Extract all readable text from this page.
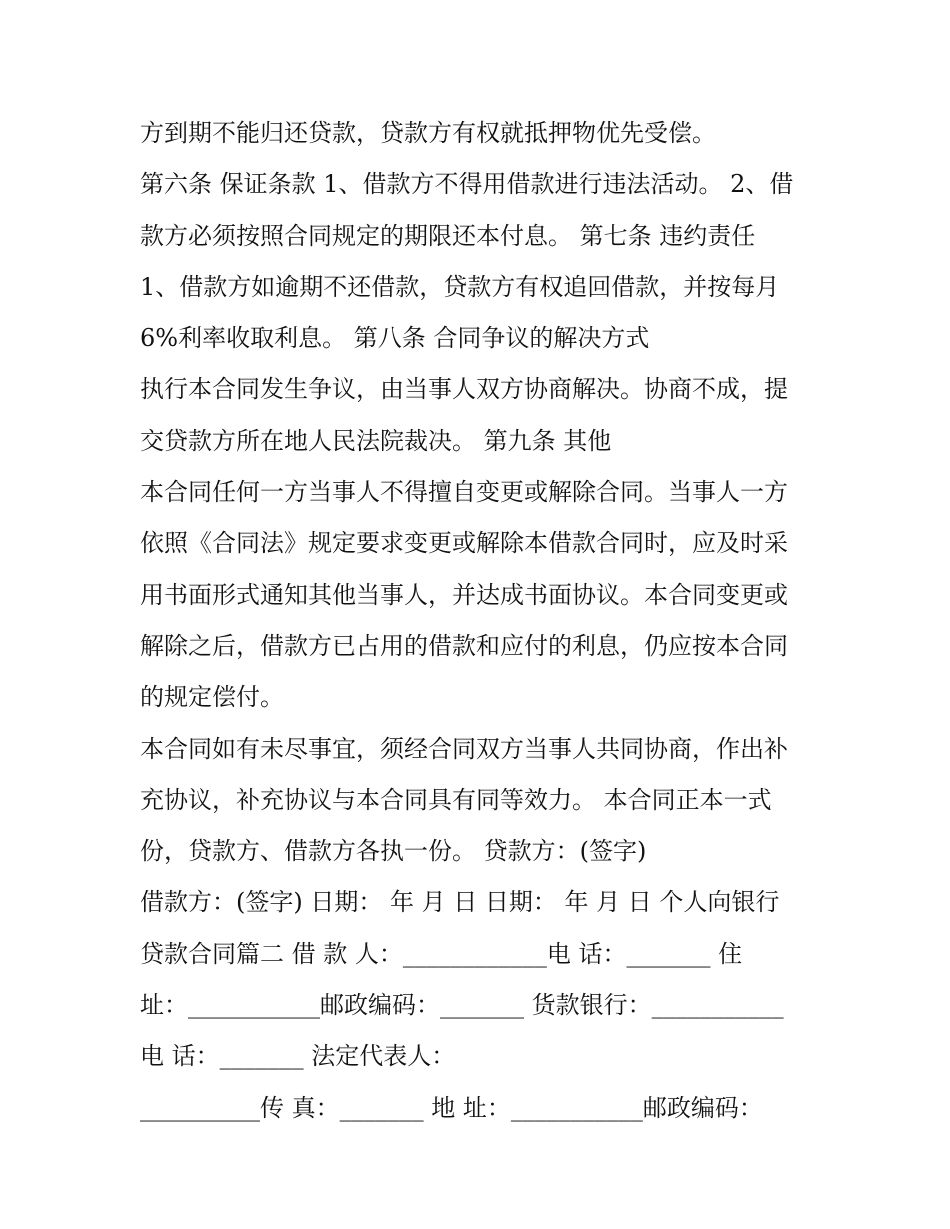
方到期不能归还贷款，贷款方有权就抵押物优先受偿。
第六条 保证条款 1、借款方不得用借款进行违法活动。 2、借
款方必须按照合同规定的期限还本付息。 第七条 违约责任
1、借款方如逾期不还借款，贷款方有权追回借款，并按每月
6%利率收取利息。 第八条 合同争议的解决方式
执行本合同发生争议，由当事人双方协商解决。协商不成，提
交贷款方所在地人民法院裁决。 第九条 其他
本合同任何一方当事人不得擅自变更或解除合同。当事人一方
依照《合同法》规定要求变更或解除本借款合同时，应及时采
用书面形式通知其他当事人，并达成书面协议。本合同变更或
解除之后，借款方已占用的借款和应付的利息，仍应按本合同
的规定偿付。
本合同如有未尽事宜，须经合同双方当事人共同协商，作出补
充协议，补充协议与本合同具有同等效力。 本合同正本一式
份，贷款方、借款方各执一份。 贷款方：(签字)
借款方：(签字) 日期： 年 月 日 日期： 年 月 日 个人向银行
贷款合同篇二 借 款 人：____________电 话：_______ 住
址：___________邮政编码：_______ 货款银行：___________
电 话：_______ 法定代表人：
__________传 真：_______ 地 址：___________邮政编码：
